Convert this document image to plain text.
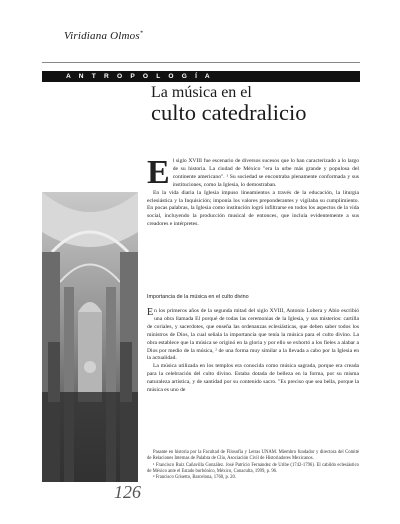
Viridiana Olmos*
A N T R O P O L O G Í A
La música en el
culto catedralicio

El siglo XVIII fue escenario de diversos sucesos que lo han caracterizado a lo largo de su historia. La ciudad de México "era la urbe más grande y populosa del continente americano". ¹ Su sociedad se encontraba plenamente conformada y sus instituciones, como la Iglesia, lo demostraban.

En la vida diaria la Iglesia impuso lineamientos a través de la educación, la liturgia eclesiástica y la Inquisición; imponía los valores preponderantes y vigilaba su cumplimiento. En pocas palabras, la Iglesia como institución logró infiltrarse en todos los aspectos de la vida social, incluyendo la producción musical de entonces, que incluía evidentemente a sus creadores e intérpretes.

Importancia de la música en el culto divino

En los primeros años de la segunda mitad del siglo XVIII, Antonio Lobera y Abio escribió una obra llamada El porqué de todas las ceremonias de la Iglesia, y sus misterios: cartilla de coriales, y sacerdotes, que enseña las ordenanzas eclesiásticas, que deben saber todos los ministros de Dios, la cual señala la importancia que tenía la música para el culto divino. La obra establece que la música se originó en la gloria y por ello se exhortó a los fieles a alabar a Dios por medio de la música, ² de una forma muy similar a la llevada a cabo por la Iglesia en la actualidad.

La música utilizada en los templos era conocida como música sagrada, porque era creada para la celebración del culto divino. Estaba dotada de belleza en la forma, por su misma naturaleza artística, y de santidad por su contenido sacro. "Es preciso que sea bella, porque la música es uno de

Pasante en historia por la Facultad de Filosofía y Letras UNAM. Miembro fundador y directora del Comité de Relaciones Internas de Palabra de Clío, Asociación Civil de Historiadores Mexicanos.

¹ Francisco Ruiz Cañavilla González. José Patricio Fernández de Uribe (1742-1796). El cabildo eclesiástico de México ante el Estado borbónico, México, Conaculta, 1999, p. 96.

² Francisco Grisetto, Barcelona, 1760, p. 20.

126
